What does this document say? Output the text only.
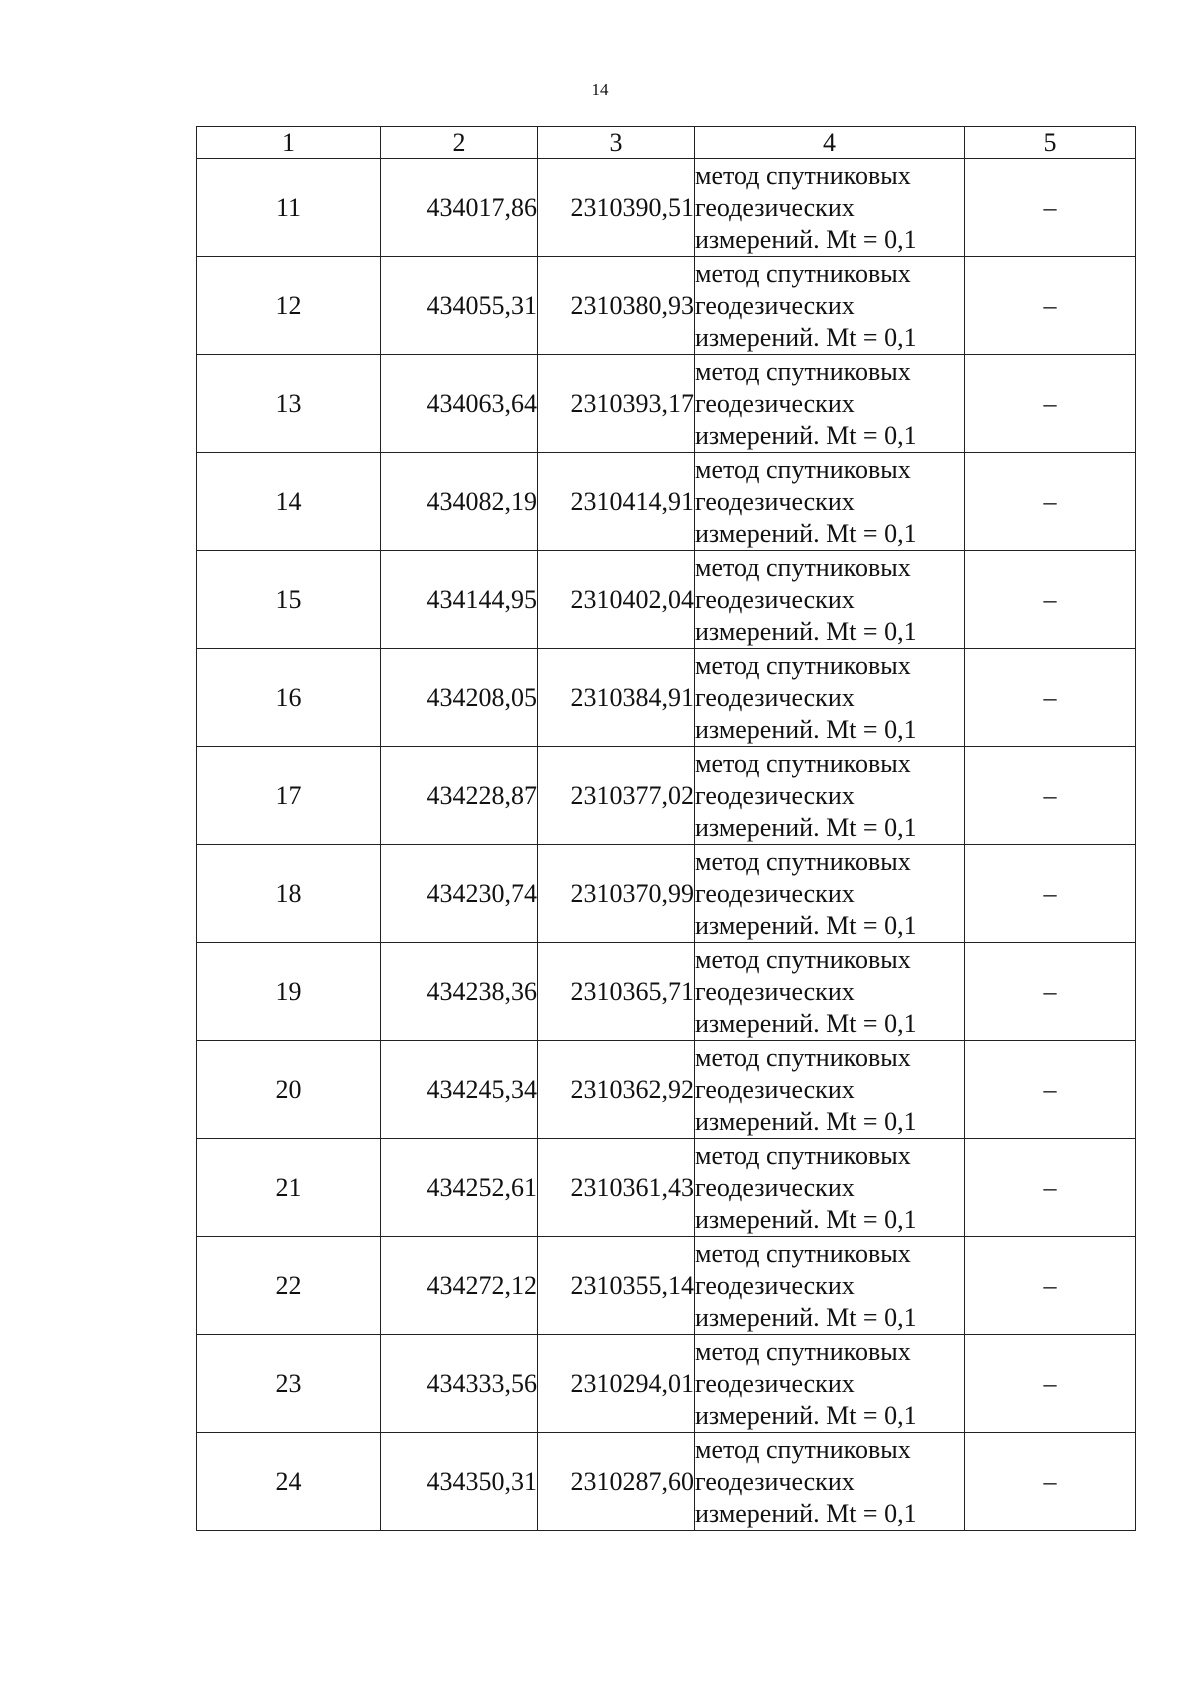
14
1	2	3	4	5
11	434017,86	2310390,51	метод спутниковых
геодезических
измерений. Mt = 0,1	–
12	434055,31	2310380,93	метод спутниковых
геодезических
измерений. Mt = 0,1	–
13	434063,64	2310393,17	метод спутниковых
геодезических
измерений. Mt = 0,1	–
14	434082,19	2310414,91	метод спутниковых
геодезических
измерений. Mt = 0,1	–
15	434144,95	2310402,04	метод спутниковых
геодезических
измерений. Mt = 0,1	–
16	434208,05	2310384,91	метод спутниковых
геодезических
измерений. Mt = 0,1	–
17	434228,87	2310377,02	метод спутниковых
геодезических
измерений. Mt = 0,1	–
18	434230,74	2310370,99	метод спутниковых
геодезических
измерений. Mt = 0,1	–
19	434238,36	2310365,71	метод спутниковых
геодезических
измерений. Mt = 0,1	–
20	434245,34	2310362,92	метод спутниковых
геодезических
измерений. Mt = 0,1	–
21	434252,61	2310361,43	метод спутниковых
геодезических
измерений. Mt = 0,1	–
22	434272,12	2310355,14	метод спутниковых
геодезических
измерений. Mt = 0,1	–
23	434333,56	2310294,01	метод спутниковых
геодезических
измерений. Mt = 0,1	–
24	434350,31	2310287,60	метод спутниковых
геодезических
измерений. Mt = 0,1	–
